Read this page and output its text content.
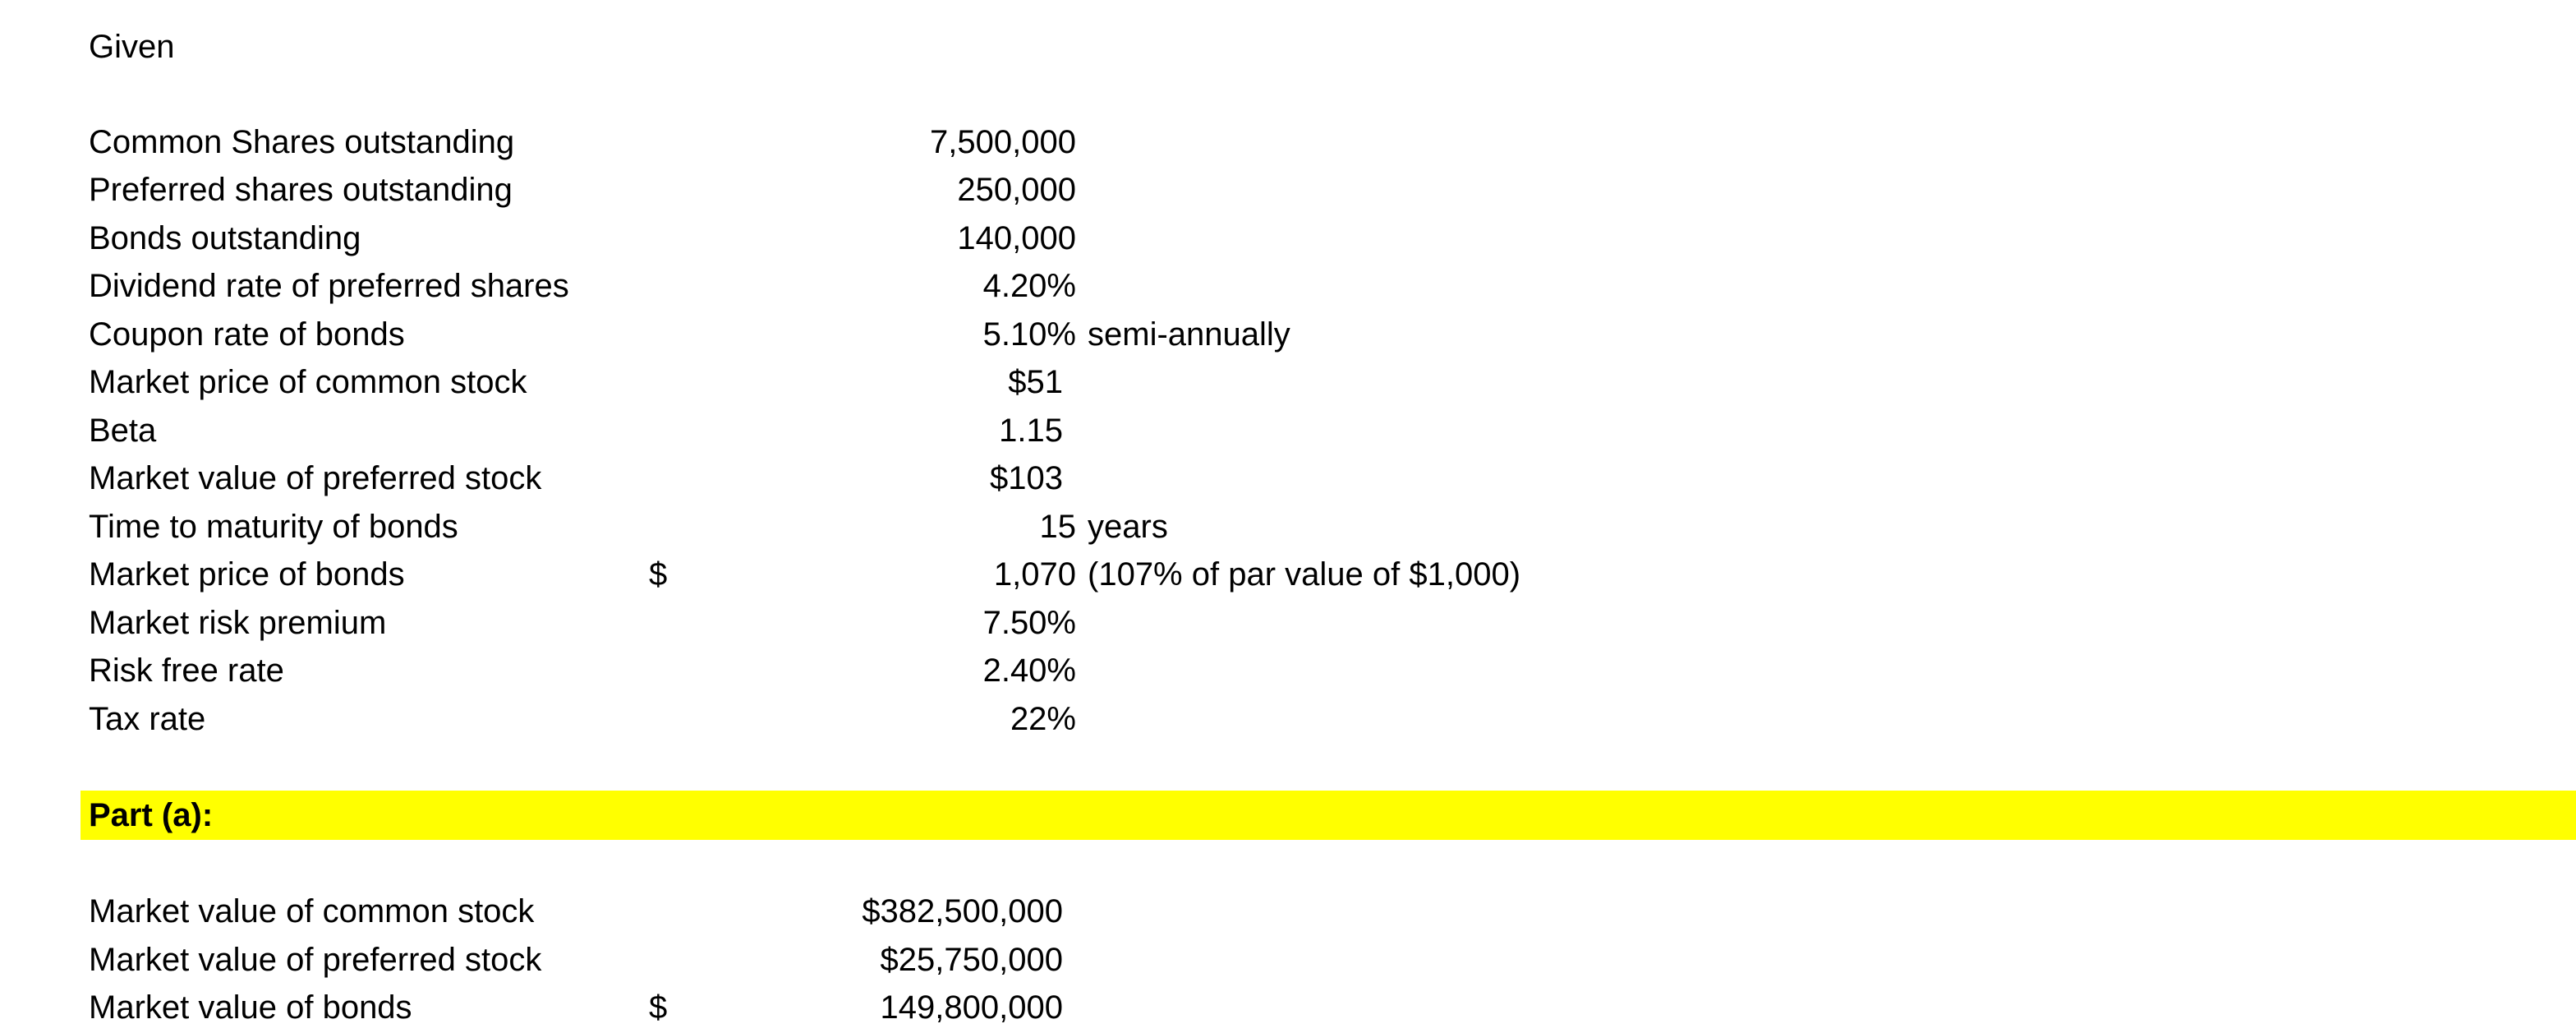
Given
Common Shares outstanding	7,500,000
Preferred shares outstanding	250,000
Bonds outstanding	140,000
Dividend rate of preferred shares	4.20%
Coupon rate of bonds	5.10% semi-annually
Market price of common stock	$51
Beta	1.15
Market value of preferred stock	$103
Time to maturity of bonds	15 years
Market price of bonds	$	1,070 (107% of par value of $1,000)
Market risk premium	7.50%
Risk free rate	2.40%
Tax rate	22%
Part (a):
Market value of common stock	$382,500,000
Market value of preferred stock	$25,750,000
Market value of bonds	$	149,800,000
